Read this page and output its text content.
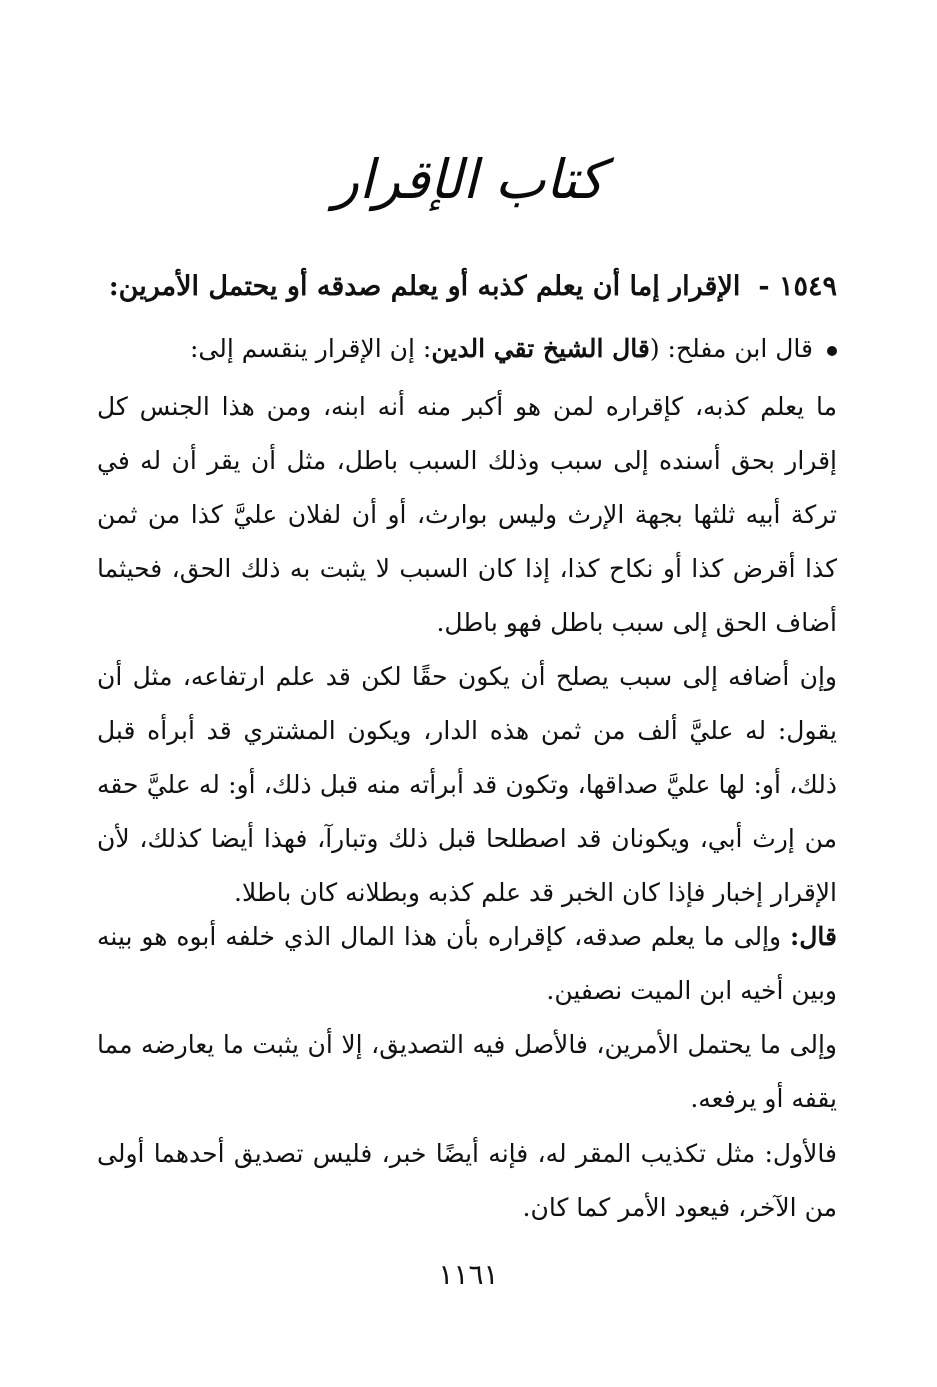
كتاب الإقرار
١٥٤٩ -الإقرار إما أن يعلم كذبه أو يعلم صدقه أو يحتمل الأمرين:
قال ابن مفلح: (قال الشيخ تقي الدين: إن الإقرار ينقسم إلى:

ما يعلم كذبه، كإقراره لمن هو أكبر منه أنه ابنه، ومن هذا الجنس كل إقرار بحق أسنده إلى سبب وذلك السبب باطل، مثل أن يقر أن له في تركة أبيه ثلثها بجهة الإرث وليس بوارث، أو أن لفلان عليَّ كذا من ثمن كذا أقرض كذا أو نكاح كذا، إذا كان السبب لا يثبت به ذلك الحق، فحيثما أضاف الحق إلى سبب باطل فهو باطل.

وإن أضافه إلى سبب يصلح أن يكون حقًا لكن قد علم ارتفاعه، مثل أن يقول: له عليَّ ألف من ثمن هذه الدار، ويكون المشتري قد أبرأه قبل ذلك، أو: لها عليَّ صداقها، وتكون قد أبرأته منه قبل ذلك، أو: له عليَّ حقه من إرث أبي، ويكونان قد اصطلحا قبل ذلك وتبارآ، فهذا أيضا كذلك، لأن الإقرار إخبار فإذا كان الخبر قد علم كذبه وبطلانه كان باطلا.

قال: وإلى ما يعلم صدقه، كإقراره بأن هذا المال الذي خلفه أبوه هو بينه وبين أخيه ابن الميت نصفين.

وإلى ما يحتمل الأمرين، فالأصل فيه التصديق، إلا أن يثبت ما يعارضه مما يقفه أو يرفعه.

فالأول: مثل تكذيب المقر له، فإنه أيضًا خبر، فليس تصديق أحدهما أولى من الآخر، فيعود الأمر كما كان.

١١٦١
